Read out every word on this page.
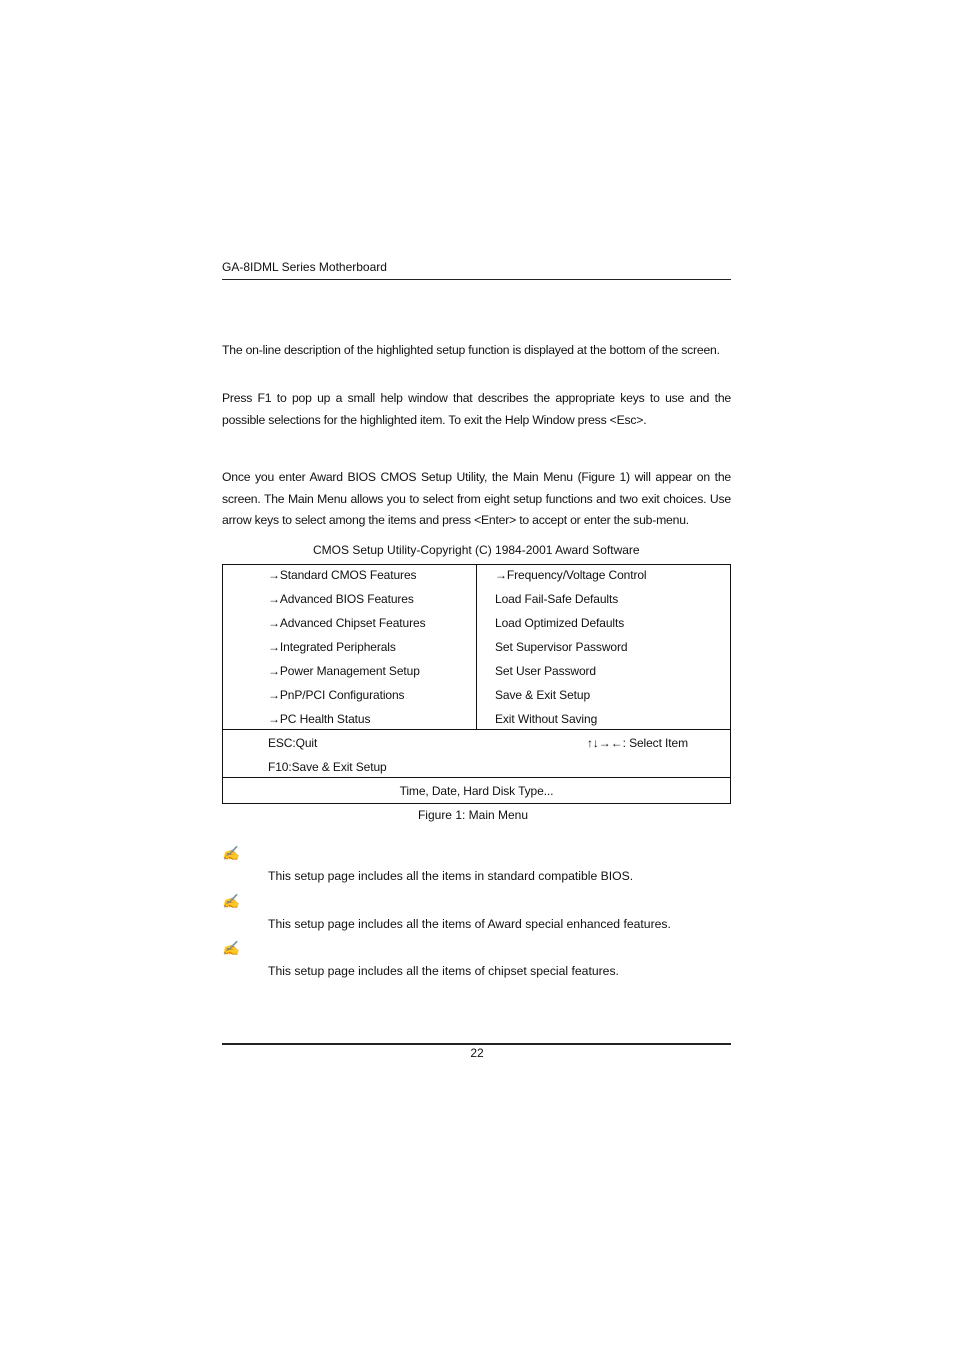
GA-8IDML Series Motherboard
The on-line description of the highlighted setup function is displayed at the bottom of the screen.
Press F1 to pop up a small help window that describes the appropriate keys to use and the possible selections for the highlighted item. To exit the Help Window press <Esc>.
Once you enter Award BIOS CMOS Setup Utility, the Main Menu (Figure 1) will appear on the screen. The Main Menu allows you to select from eight setup functions and two exit choices. Use arrow keys to select among the items and press <Enter> to accept or enter the sub-menu.
CMOS Setup Utility-Copyright (C) 1984-2001 Award Software
→Standard CMOS Features
→Advanced BIOS Features
→Advanced Chipset Features
→Integrated Peripherals
→Power Management Setup
→PnP/PCI Configurations
→PC Health Status
→Frequency/Voltage Control
Load Fail-Safe Defaults
Load Optimized Defaults
Set Supervisor Password
Set User Password
Save & Exit Setup
Exit Without Saving
ESC:Quit	↑↓→←: Select Item
F10:Save & Exit Setup
Time, Date, Hard Disk Type...
Figure 1: Main Menu
✍
This setup page includes all the items in standard compatible BIOS.
✍
This setup page includes all the items of Award special enhanced features.
✍
This setup page includes all the items of chipset special features.
22
